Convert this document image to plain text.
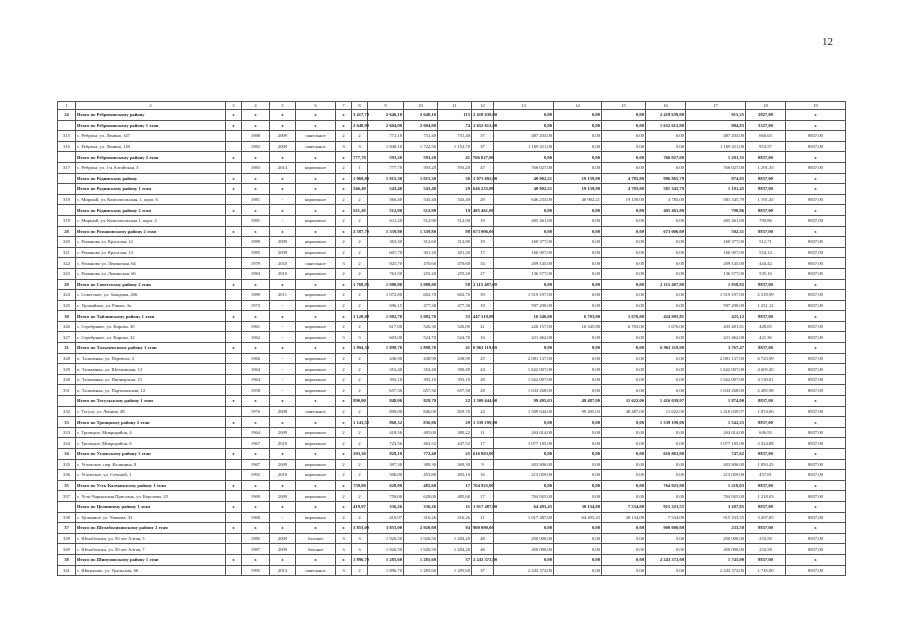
12
1	2	3	4	5	6	7	8	9	10	11	12	13	14	15	16	17	18	19	
24	Итого по Ребрихинскому району	x	x	x	x	x	3 417,70	2 646,10	2 648,10	115	2 418 639,00	0,00	0,00	0,00	2 418 639,00	915,35	2827,00	x	
	Итого по Ребрихинскому району 1 этап	x	x	x	x	x	2 648,00	2 604,00	2 604,00	74	1 652 612,00	0,00	0,00	0,00	1 652 612,00	804,83	5327,00	x	
315	с. Ребриха, ул. Ленина, 147		1988	2009	панельное	2	2	771,10	731,40	731,40	37	487 203,00	0,00	0,00	0,00	487 203,00	660,63	8837,00	
316	с. Ребриха, ул. Ленина, 149		1982	2009	панельное	3	3	1 848,10	1 722,50	1 152,70	37	1 169 411,00	0,00	0,00	0,00	1 169 411,00	953,57	8837,00	
	Итого по Ребрихинскому району 2 этап	x	x	x	x	x	777,70	593,20	593,20	41	766 027,00	0,00	0,00	0,00	766 027,00	1 291,35	8837,00	x	
317	с. Ребриха, ул. 1-я Алтайская, 3		1983	2014	кирпичное	2	1	777,70	593,20	593,20	47	766 027,00	0,00	0,00	0,00	766 027,00	1 291,35	8837,00	
	Итого по Родинскому району	x	x	x	x	x	1 069,80	1 015,30	1 015,30	36	1 071 692,00	40 902,21	19 139,00	4 785,00	986 865,79	974,05	8837,00	x	
	Итого по Родинскому району 1 этап	x	x	x	x	x	566,40	543,40	543,40	29	646 233,00	40 902,21	19 139,00	4 785,00	581 345,79	1 191,45	8837,00	x	
318	с. Мирный, ул. Комсомольская, 1, корп. 6		1981	-	кирпичное	2	2	566,40	543,40	543,40	29	646 233,00	40 902,21	19 139,00	4 785,00	581 345,79	1 191,45	8837,00	
	Итого по Родинскому району 2 этап	x	x	x	x	x	611,20	512,90	512,90	19	405 461,00	0,00	0,00	0,00	405 461,00	790,86	8837,00	x	
319	с. Мирный, ул. Комсомольская 1, корп. 4		1981	-	кирпичное	2	2	611,20	512,90	512,90	19	405 461,00	0,00	0,00	0,00	405 461,00	790,86	8837,00	
28	Итого по Романовскому району 2 этап	x	x	x	x	x	2 587,70	1 339,80	1 339,80	98	673 006,00	0,00	0,00	0,00	673 006,00	502,31	8837,00	x	
320	с. Романово ул. Кругалая, 12		1989	2009	кирпичное	2	2	363,30	312,60	312,80	19	160 377,00	0,00	0,00	0,00	160 377,00	512,71	8837,00	
321	с. Романово ул. Кругалая, 14		1985	2009	кирпичное	2	2	607,70	301,20	301,20	17	166 907,00	0,00	0,00	0,00	166 907,00	554,14	8837,00	
322	с. Романово ул. Ленинская, 64		1979	2010	панельное	3	2	825,70	470,60	470,60	33	209 145,00	0,00	0,00	0,00	209 145,00	444,42	8837,00	
323	с. Романово ул. Ленинская, 66		1984	2010	кирпичное	2	2	761,50	255,20	255,20	27	136 577,00	0,00	0,00	0,00	136 577,00	535,16	8837,00	
29	Итого по Советскому району 2 этап	x	x	x	x	x	1 768,95	1 080,00	1 080,00	58	2 115 487,00	0,00	0,00	0,00	2 115 487,00	1 958,82	8837,00	x	
324	с. Советское, ул. Западная, 206		1989	2011	кирпичное	2	2	1 072,80	602,70	602,70	39	1 519 197,00	0,00	0,00	0,00	1 519 197,00	2 518,99	8837,00	
325	с. Урожайное, ул. Ракаш, 3а		1973	-	кирпичное	2	2	696,15	477,30	477,30	19	597 290,00	0,00	0,00	0,00	597 290,00	1 251,12	8837,00	
30	Итого по Тайлинскому району 1 этап	x	x	x	x	x	1 120,00	1 082,70	1 082,70	35	447 519,00	16 346,00	6 703,00	1 676,00	424 995,81	425,12	8837,00	x	
326	с. Серебряное, ул. Кирова, 30		1961	-	кирпичное	2	2	617,00	526,30	526,00	21	226 157,00	16 345,80	6 703,00	1 676,00	203 401,81	428,65	8837,00	
327	с. Серебряное, ул. Кирова, 32		1962	-	кирпичное	3	3	603,00	524,70	524,70	16	221 462,00	0,00	0,00	0,00	221 462,00	421,36	8837,00	
31	Итого по Тальменскому району 1 этап	x	x	x	x	x	1 894,30	1 898,70	1 898,70	41	6 963 119,00	0,00	0,00	0,00	6 963 119,00	3 767,47	8837,00	x	
328	п. Тальменка, ул. Перевоза, 3		1966	-	кирпичное	2	2	436,90	438,90	438,90	25	2 081 137,00	0,00	0,00	0,00	2 081 137,00	6 743,99	8837,00	
329	п. Тальменка, ул. Шелковская, 13		1964	-	кирпичное	2	2	352,40	352,40	390,49	24	1 622 007,00	0,00	0,00	0,00	1 622 007,00	4 605,20	8837,00	
330	п. Тальменка, ул. Пионерская, 13		1964	-	кирпичное	2	2	392,10	392,10	393,10	28	1 622 007,00	0,00	0,00	0,00	1 622 007,00	4 130,01	8837,00	
331	п. Тальменка, ул. Партизанская, 12		1958	-	кирпичное	2	2	657,30	657,30	657,30	28	1 633 268,00	0,00	0,00	0,00	1 633 268,00	2 485,98	8837,00	
	Итого по Тогульскому району 1 этап	x	x	x	x	x	890,00	848,00	829,70	22	1 509 644,00	99 495,03	48 487,00	11 622,00	1 416 039,97	1 874,00	8837,00	x	
332	с. Тогулу, ул. Ленина, 48		1976	2008	панельное	2	2	890,00	846,00	829,70	22	1 509 644,00	99 495,03	48 487,00	11 622,00	1 416 039,97	1 874,00	8837,00	
33	Итого по Троицкому району 2 этап	x	x	x	x	x	1 143,52	868,32	836,86	29	1 339 199,00	0,00	0,00	0,00	1 339 199,00	1 542,25	8837,00	x	
333	с. Троицкое, Микрорайон, 4		1964	2009	кирпичное	2	2	418,56	405,00	389,22	11	262 014,00	0,00	0,00	0,00	262 014,00	646,93	8837,00	
334	с. Троицкое, Микрорайон, 6		1967	2010	кирпичное	2	2	723,56	463,52	447,52	17	1 077 185,00	0,00	0,00	0,00	1 077 185,00	2 324,88	8837,00	
34	Итого по Угловскому району 1 этап	x	x	x	x	x	503,30	828,10	772,40	25	616 863,00	0,00	0,00	0,00	616 863,00	747,62	8837,00	x	
335	с. Угловское, пер. Калинина, 8		1967	2009	кирпичное	2	2	397,30	389,30	369,30	9	403 806,00	0,00	0,00	0,00	403 806,00	1 093,43	8837,00	
336	с. Угловское, ул. Степной, 1		1992	2010	кирпичное	2	2	506,00	453,80	403,10	16	213 059,00	0,00	0,00	0,00	213 059,00	457,81	8837,00	
35	Итого по Усть-Калманскому району 1 этап	x	x	x	x	x	759,00	628,00	485,60	17	764 925,00	0,00	0,00	0,00	764 925,00	1 218,03	8837,00	x	
337	с. Усть-Чарышская Пристань, ул. Королева, 25		1969	2009	кирпичное	2	2	759,00	628,00	485,60	17	764 925,00	0,00	0,00	0,00	764 925,00	1 218,03	8837,00	
	Итого по Целинному району 1 этап	x	x	x	x	x	419,97	336,26	336,26	11	1 017 487,00	64 495,45	30 134,00	7 534,00	915 323,55	3 207,85	8837,00	x	
338	с. Целинное, ул. Чапаева, 33		1960	-	кирпичное	2	2	419,97	316,26	316,26	11	1 017 487,00	64 495,45	30 134,00	7 534,00	915 333,55	3 207,85	8837,00	
37	Итого по Шелаболихинскому району 2 этап	x	x	x	x	x	3 853,00	3 853,00	2 920,00	94	900 000,00	0,00	0,00	0,00	900 000,00	233,58	8837,00	x	
339	с. Шелаболиха, ул. 50 лет Алтая, 5		1985	2009	блочное	3	3	1 926,50	1 926,50	1 284,20	48	450 000,00	0,00	0,00	0,00	450 000,00	233,58	8837,00	
340	с. Шелаболиха, ул. 50 лет Алтая, 7		1987	2009	блочное	3	3	1 926,50	1 926,50	1 284,20	46	450 000,00	0,00	0,00	0,00	450 000,00	233,58	8837,00	
38	Итого по Шипуновскому району 1 этап	x	x	x	x	x	1 896,70	1 285,60	1 285,60	37	2 243 372,00	0,00	0,00	0,00	2 243 372,00	1 745,00	8837,00	x	
341	с. Шипуново, ул. Уральская, 66		1995	2014	панельное	3	2	1 896,70	1 285,60	1 285,60	37	2 243 372,00	0,00	0,00	0,00	2 243 372,00	1 745,00	8837,00	
